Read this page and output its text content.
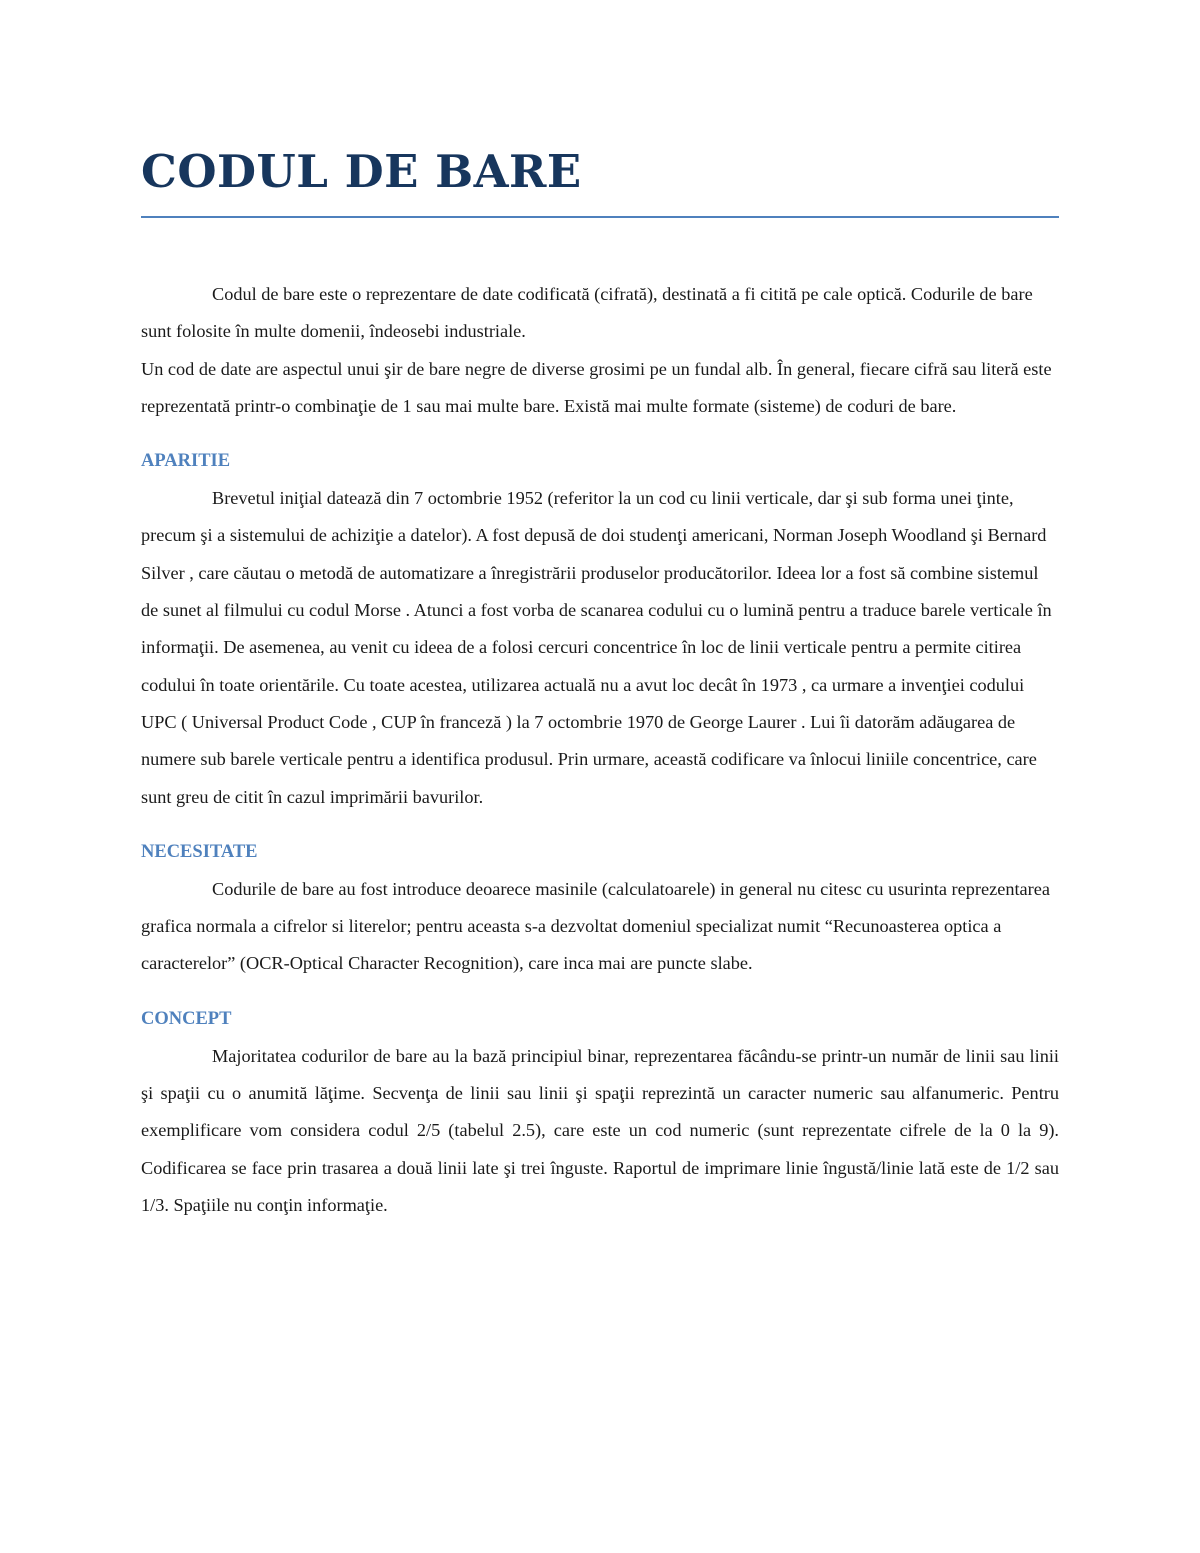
CODUL DE BARE

Codul de bare este o reprezentare de date codificată (cifrată), destinată a fi citită pe cale optică. Codurile de bare sunt folosite în multe domenii, îndeosebi industriale.

Un cod de date are aspectul unui şir de bare negre de diverse grosimi pe un fundal alb. În general, fiecare cifră sau literă este reprezentată printr-o combinaţie de 1 sau mai multe bare. Există mai multe formate (sisteme) de coduri de bare.

APARITIE

Brevetul iniţial datează din 7 octombrie 1952 (referitor la un cod cu linii verticale, dar şi sub forma unei ţinte, precum şi a sistemului de achiziţie a datelor). A fost depusă de doi studenţi americani, Norman Joseph Woodland şi Bernard Silver , care căutau o metodă de automatizare a înregistrării produselor producătorilor. Ideea lor a fost să combine sistemul de sunet al filmului cu codul Morse . Atunci a fost vorba de scanarea codului cu o lumină pentru a traduce barele verticale în informaţii. De asemenea, au venit cu ideea de a folosi cercuri concentrice în loc de linii verticale pentru a permite citirea codului în toate orientările. Cu toate acestea, utilizarea actuală nu a avut loc decât în 1973 , ca urmare a invenţiei codului UPC ( Universal Product Code , CUP în franceză ) la 7 octombrie 1970 de George Laurer . Lui îi datorăm adăugarea de numere sub barele verticale pentru a identifica produsul. Prin urmare, această codificare va înlocui liniile concentrice, care sunt greu de citit în cazul imprimării bavurilor.

NECESITATE

Codurile de bare au fost introduce deoarece masinile (calculatoarele) in general nu citesc cu usurinta reprezentarea grafica normala a cifrelor si literelor; pentru aceasta s-a dezvoltat domeniul specializat numit “Recunoasterea optica a caracterelor” (OCR-Optical Character Recognition), care inca mai are puncte slabe.

CONCEPT

Majoritatea codurilor de bare au la bază principiul binar, reprezentarea făcându-se printr-un număr de linii sau linii şi spaţii cu o anumită lăţime. Secvenţa de linii sau linii şi spaţii reprezintă un caracter numeric sau alfanumeric. Pentru exemplificare vom considera codul 2/5 (tabelul 2.5), care este un cod numeric (sunt reprezentate cifrele de la 0 la 9). Codificarea se face prin trasarea a două linii late şi trei înguste. Raportul de imprimare linie îngustă/linie lată este de 1/2 sau 1/3. Spaţiile nu conţin informaţie.
